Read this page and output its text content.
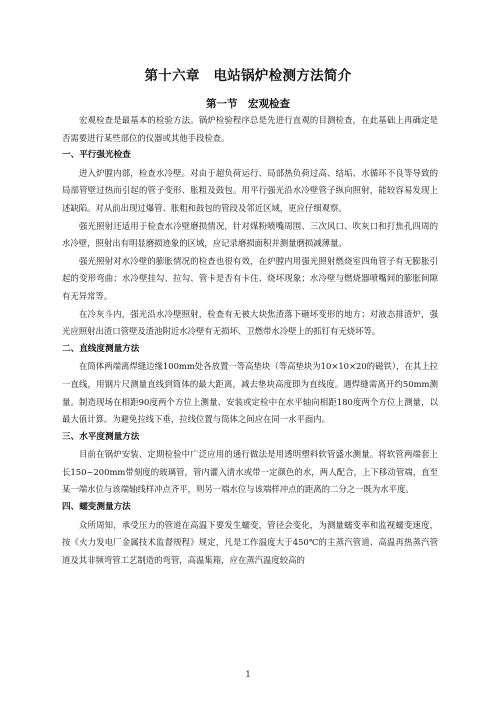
第十六章　电站锅炉检测方法简介
第一节　宏观检查

宏观检查是最基本的检验方法。锅炉检验程序总是先进行直观的目测检查，在此基础上再确定是否需要进行某些部位的仪器或其他手段检查。

一、平行强光检查

进入炉膛内部，检查水冷壁。对由于超负荷运行、局部热负荷过高、结垢、水循环不良等导致的局部管壁过热而引起的管子变形、胀粗及鼓包。用平行强光沿水冷壁管子纵向照射，能较容易发现上述缺陷。对从前出现过爆管、胀粗和鼓包的管段及邻近区域，更应仔细观察。

强光照射还适用于检查水冷壁磨损情况，针对煤粉喷嘴周围、三次风口、吹灰口和打焦孔四周的水冷壁，照射出有明显磨损迹象的区域，应记录磨损面积并测量磨损减薄量。

强光照射对水冷壁的膨胀情况的检查也很有效，在炉膛内用强光照射燃烧室四角管子有无膨胀引起的变形弯曲；水冷壁挂勾、拉勾、管卡是否有卡住、烧坏现象；水冷壁与燃烧器喷嘴间的膨胀间隙有无异常等。

在冷灰斗内，强光沿水冷壁照射，检查有无被大块焦渣落下砸坏变形的地方；对液态排渣炉，强光应照射出渣口管壁及渣池附近水冷壁有无损坏、卫燃带水冷壁上的抓钉有无烧坏等。

二、直线度测量方法

在筒体两端离焊缝边缘100mm处各放置一等高垫块（等高垫块为10×10×20的磁铁），在其上拉一直线，用钢片尺测量直线到筒体的最大距离，减去垫块高度即为直线度。遇焊缝需离开约50mm测量。制造现场在相距90度两个方位上测量、安装或定检中在水平轴向相距180度两个方位上测量，以最大值计算。为避免拉线下垂，拉线位置与筒体之间应在同一水平面内。

三、水平度测量方法

目前在锅炉安装、定期检验中广泛应用的通行做法是用透明塑料软管盛水测量。将软管两端套上长150~200mm带刻度的玻璃管，管内灌入清水或带一定颜色的水，两人配合，上下移动管端，直至某一端水位与该端轴线样冲点齐平，则另一端水位与该端样冲点的距离的二分之一既为水平度。

四、蠕变测量方法

众所周知，承受压力的管道在高温下要发生蠕变，管径会变化，为测量蠕变率和监视蠕变速度，按《火力发电厂金属技术监督规程》规定，凡是工作温度大于450℃的主蒸汽管道、高温再热蒸汽管道及其非频弯管工艺制造的弯管，高温集箱，应在蒸汽温度较高的

1
